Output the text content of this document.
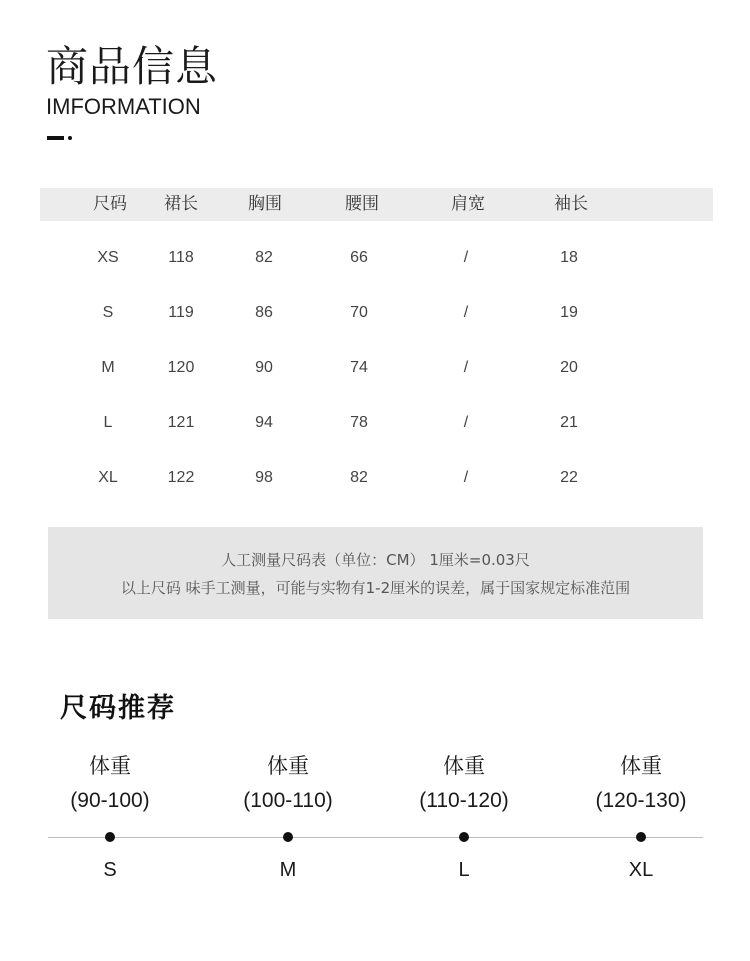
商品信息
IMFORMATION
尺码 裙长	胸围	腰围	肩宽	袖长
XS	118	82	66	/	18
S	119	86	70	/	19
M	120	90	74	/	20
L	121	94	78	/	21
XL	122	98	82	/	22
人工测量尺码表（单位：CM） 1厘米=0.03尺
以上尺码 味手工测量，可能与实物有1-2厘米的误差，属于国家规定标准范围
尺码推荐
体重
(90-100)
S
体重
(100-110)
M
体重
(110-120)
L
体重
(120-130)
XL
